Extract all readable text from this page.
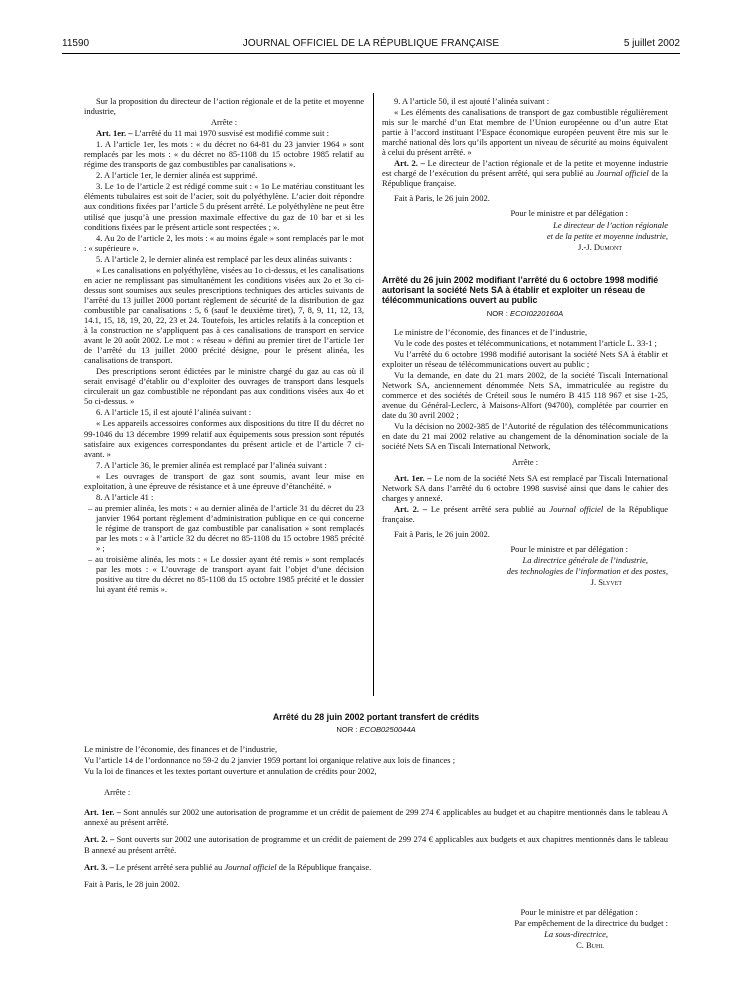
11590	JOURNAL OFFICIEL DE LA RÉPUBLIQUE FRANÇAISE	5 juillet 2002

Sur la proposition du directeur de l’action régionale et de la petite et moyenne industrie,

Arrête :

Art. 1er. – L’arrêté du 11 mai 1970 susvisé est modifié comme suit :

1. A l’article 1er, les mots : « du décret no 64-81 du 23 janvier 1964 » sont remplacés par les mots : « du décret no 85-1108 du 15 octobre 1985 relatif au régime des transports de gaz combustibles par canalisations ».

2. A l’article 1er, le dernier alinéa est supprimé.

3. Le 1o de l’article 2 est rédigé comme suit : « 1o Le matériau constituant les éléments tubulaires est soit de l’acier, soit du polyéthylène. L’acier doit répondre aux conditions fixées par l’article 5 du présent arrêté. Le polyéthylène ne peut être utilisé que jusqu’à une pression maximale effective du gaz de 10 bar et si les conditions fixées par le présent article sont respectées ; ».

4. Au 2o de l’article 2, les mots : « au moins égale » sont remplacés par le mot : « supérieure ».

5. A l’article 2, le dernier alinéa est remplacé par les deux alinéas suivants :

« Les canalisations en polyéthylène, visées au 1o ci-dessus, et les canalisations en acier ne remplissant pas simultanément les conditions visées aux 2o et 3o ci-dessus sont soumises aux seules prescriptions techniques des articles suivants de l’arrêté du 13 juillet 2000 portant règlement de sécurité de la distribution de gaz combustible par canalisations : 5, 6 (sauf le deuxième tiret), 7, 8, 9, 11, 12, 13, 14.1, 15, 18, 19, 20, 22, 23 et 24. Toutefois, les articles relatifs à la conception et à la construction ne s’appliquent pas à ces canalisations de transport en service avant le 20 août 2002. Le mot : « réseau » défini au premier tiret de l’article 1er de l’arrêté du 13 juillet 2000 précité désigne, pour le présent alinéa, les canalisations de transport.

Des prescriptions seront édictées par le ministre chargé du gaz au cas où il serait envisagé d’établir ou d’exploiter des ouvrages de transport dans lesquels circulerait un gaz combustible ne répondant pas aux conditions visées aux 4o et 5o ci-dessus. »

6. A l’article 15, il est ajouté l’alinéa suivant :

« Les appareils accessoires conformes aux dispositions du titre II du décret no 99-1046 du 13 décembre 1999 relatif aux équipements sous pression sont réputés satisfaire aux exigences correspondantes du présent article et de l’article 7 ci-avant. »

7. A l’article 36, le premier alinéa est remplacé par l’alinéa suivant :

« Les ouvrages de transport de gaz sont soumis, avant leur mise en exploitation, à une épreuve de résistance et à une épreuve d’étanchéité. »

8. A l’article 41 :

– au premier alinéa, les mots : « au dernier alinéa de l’article 31 du décret du 23 janvier 1964 portant règlement d’administration publique en ce qui concerne le régime de transport de gaz combustible par canalisation » sont remplacés par les mots : « à l’article 32 du décret no 85-1108 du 15 octobre 1985 précité » ;

– au troisième alinéa, les mots : « Le dossier ayant été remis » sont remplacés par les mots : « L’ouvrage de transport ayant fait l’objet d’une décision positive au titre du décret no 85-1108 du 15 octobre 1985 précité et le dossier lui ayant été remis ».

9. A l’article 50, il est ajouté l’alinéa suivant :

« Les éléments des canalisations de transport de gaz combustible régulièrement mis sur le marché d’un Etat membre de l’Union européenne ou d’un autre Etat partie à l’accord instituant l’Espace économique européen peuvent être mis sur le marché national dès lors qu’ils apportent un niveau de sécurité au moins équivalent à celui du présent arrêté. »

Art. 2. – Le directeur de l’action régionale et de la petite et moyenne industrie est chargé de l’exécution du présent arrêté, qui sera publié au Journal officiel de la République française.

Fait à Paris, le 26 juin 2002.

Pour le ministre et par délégation :

Le directeur de l’action régionale

et de la petite et moyenne industrie,

J.-J. Dumont

Arrêté du 26 juin 2002 modifiant l’arrêté du 6 octobre 1998 modifié autorisant la société Nets SA à établir et exploiter un réseau de télécommunications ouvert au public

NOR : ECOI0220160A

Le ministre de l’économie, des finances et de l’industrie,

Vu le code des postes et télécommunications, et notamment l’article L. 33-1 ;

Vu l’arrêté du 6 octobre 1998 modifié autorisant la société Nets SA à établir et exploiter un réseau de télécommunications ouvert au public ;

Vu la demande, en date du 21 mars 2002, de la société Tiscali International Network SA, anciennement dénommée Nets SA, immatriculée au registre du commerce et des sociétés de Créteil sous le numéro B 415 118 967 et sise 1-25, avenue du Général-Leclerc, à Maisons-Alfort (94700), complétée par courrier en date du 30 avril 2002 ;

Vu la décision no 2002-385 de l’Autorité de régulation des télécommunications en date du 21 mai 2002 relative au changement de la dénomination sociale de la société Nets SA en Tiscali International Network,

Arrête :

Art. 1er. – Le nom de la société Nets SA est remplacé par Tiscali International Network SA dans l’arrêté du 6 octobre 1998 susvisé ainsi que dans le cahier des charges y annexé.

Art. 2. – Le présent arrêté sera publié au Journal officiel de la République française.

Fait à Paris, le 26 juin 2002.

Pour le ministre et par délégation :

La directrice générale de l’industrie,

des technologies de l’information et des postes,

J. Slyvet

Arrêté du 28 juin 2002 portant transfert de crédits

NOR : ECOB0250044A

Le ministre de l’économie, des finances et de l’industrie,

Vu l’article 14 de l’ordonnance no 59-2 du 2 janvier 1959 portant loi organique relative aux lois de finances ;

Vu la loi de finances et les textes portant ouverture et annulation de crédits pour 2002,

Arrête :

Art. 1er. – Sont annulés sur 2002 une autorisation de programme et un crédit de paiement de 299 274 € applicables au budget et au chapitre mentionnés dans le tableau A annexé au présent arrêté.

Art. 2. – Sont ouverts sur 2002 une autorisation de programme et un crédit de paiement de 299 274 € applicables aux budgets et aux chapitres mentionnés dans le tableau B annexé au présent arrêté.

Art. 3. – Le présent arrêté sera publié au Journal officiel de la République française.

Fait à Paris, le 28 juin 2002.

Pour le ministre et par délégation :

Par empêchement de la directrice du budget :

La sous-directrice,

C. Buhl
